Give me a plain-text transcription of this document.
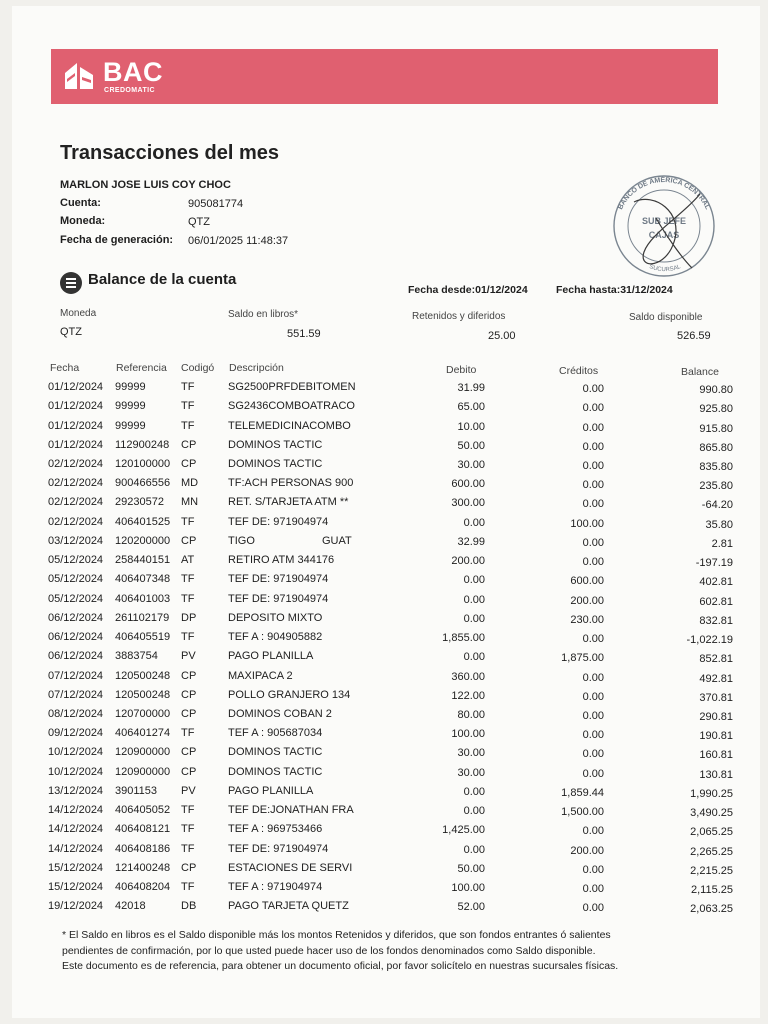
BAC
CREDOMATIC
Transacciones del mes
MARLON JOSE LUIS COY CHOC
Cuenta:	905081774
Moneda:	QTZ
Fecha de generación: 06/01/2025 11:48:37
BANCO DE AMÉRICA CENTRAL
SUB JEFE
CAJAS
SUCURSAL
Balance de la cuenta
Fecha desde:01/12/2024	Fecha hasta:31/12/2024
Moneda	Saldo en libros*	Retenidos y diferidos	Saldo disponible
QTZ	551.59	25.00	526.59
Fecha	Referencia Codigó Descripción	Debito	Créditos	Balance
01/12/2024 99999	TF	SG2500PRFDEBITOMEN	31.99	0.00	990.80
01/12/2024 99999	TF	SG2436COMBOATRACO	65.00	0.00	925.80
01/12/2024 99999	TF	TELEMEDICINACOMBO	10.00	0.00	915.80
01/12/2024 112900248 CP	DOMINOS TACTIC	50.00	0.00	865.80
02/12/2024 120100000 CP	DOMINOS TACTIC	30.00	0.00	835.80
02/12/2024 900466556 MD	TF:ACH PERSONAS 900	600.00	0.00	235.80
02/12/2024 29230572 MN	RET. S/TARJETA ATM **	300.00	0.00	-64.20
02/12/2024 406401525 TF	TEF DE: 971904974	0.00	100.00	35.80
03/12/2024 120200000 CP	TIGO	GUAT	32.99	0.00	2.81
05/12/2024 258440151 AT	RETIRO ATM 344176	200.00	0.00	-197.19
05/12/2024 406407348 TF	TEF DE: 971904974	0.00	600.00	402.81
05/12/2024 406401003 TF	TEF DE: 971904974	0.00	200.00	602.81
06/12/2024 261102179 DP	DEPOSITO MIXTO	0.00	230.00	832.81
06/12/2024 406405519 TF	TEF A : 904905882	1,855.00	0.00	-1,022.19
06/12/2024 3883754 PV	PAGO PLANILLA	0.00	1,875.00	852.81
07/12/2024 120500248 CP	MAXIPACA 2	360.00	0.00	492.81
07/12/2024 120500248 CP	POLLO GRANJERO 134	122.00	0.00	370.81
08/12/2024 120700000 CP	DOMINOS COBAN 2	80.00	0.00	290.81
09/12/2024 406401274 TF	TEF A : 905687034	100.00	0.00	190.81
10/12/2024 120900000 CP	DOMINOS TACTIC	30.00	0.00	160.81
10/12/2024 120900000 CP	DOMINOS TACTIC	30.00	0.00	130.81
13/12/2024 3901153 PV	PAGO PLANILLA	0.00	1,859.44	1,990.25
14/12/2024 406405052 TF	TEF DE:JONATHAN FRA	0.00	1,500.00	3,490.25
14/12/2024 406408121 TF	TEF A : 969753466	1,425.00	0.00	2,065.25
14/12/2024 406408186 TF	TEF DE: 971904974	0.00	200.00	2,265.25
15/12/2024 121400248 CP	ESTACIONES DE SERVI	50.00	0.00	2,215.25
15/12/2024 406408204 TF	TEF A : 971904974	100.00	0.00	2,115.25
19/12/2024 42018	DB	PAGO TARJETA QUETZ	52.00	0.00	2,063.25
* El Saldo en libros es el Saldo disponible más los montos Retenidos y diferidos, que son fondos entrantes ó salientes
pendientes de confirmación, por lo que usted puede hacer uso de los fondos denominados como Saldo disponible.
Este documento es de referencia, para obtener un documento oficial, por favor solicítelo en nuestras sucursales físicas.
